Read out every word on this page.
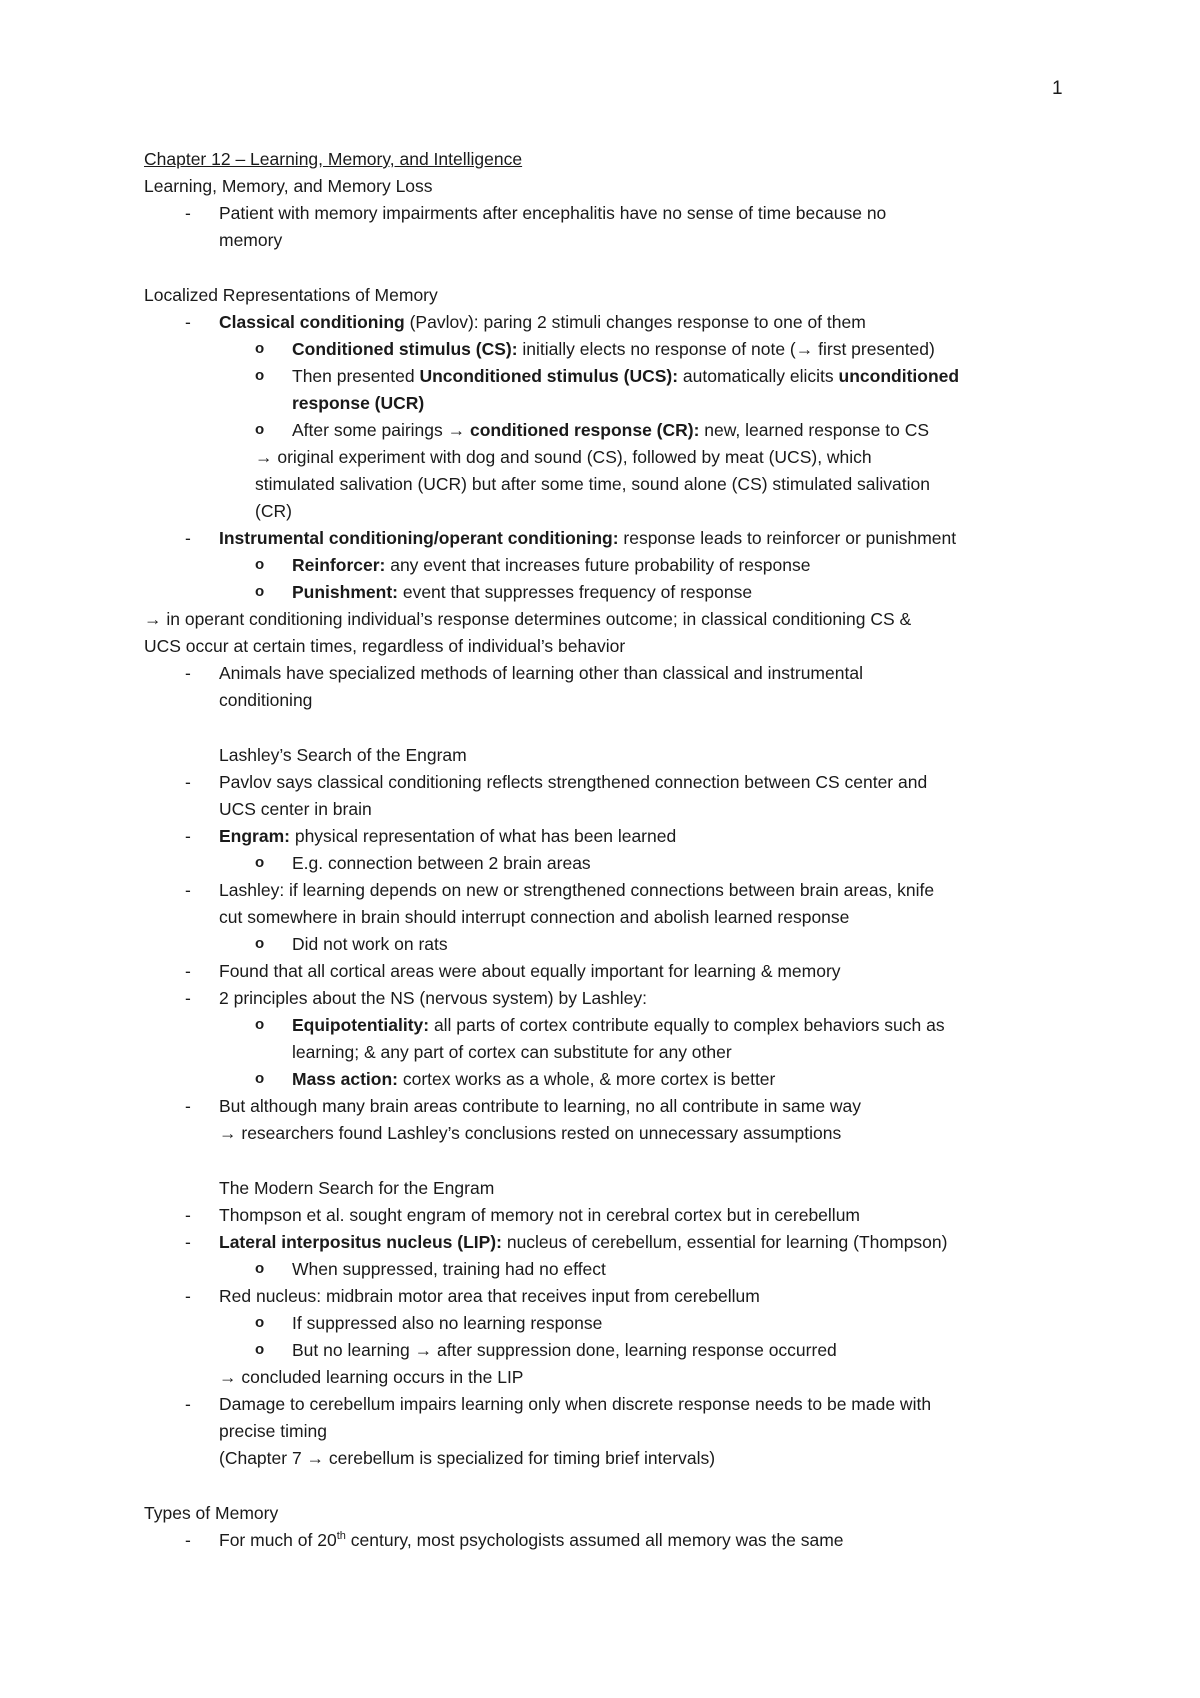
1
Chapter 12 – Learning, Memory, and Intelligence
Learning, Memory, and Memory Loss
- Patient with memory impairments after encephalitis have no sense of time because no
memory
Localized Representations of Memory
- Classical conditioning (Pavlov): paring 2 stimuli changes response to one of them
o Conditioned stimulus (CS): initially elects no response of note (→ first presented)
o Then presented Unconditioned stimulus (UCS): automatically elicits unconditioned
response (UCR)
o After some pairings → conditioned response (CR): new, learned response to CS
→ original experiment with dog and sound (CS), followed by meat (UCS), which
stimulated salivation (UCR) but after some time, sound alone (CS) stimulated salivation
(CR)
- Instrumental conditioning/operant conditioning: response leads to reinforcer or punishment
o Reinforcer: any event that increases future probability of response
o Punishment: event that suppresses frequency of response
→ in operant conditioning individual’s response determines outcome; in classical conditioning CS &
UCS occur at certain times, regardless of individual’s behavior
- Animals have specialized methods of learning other than classical and instrumental
conditioning
Lashley’s Search of the Engram
- Pavlov says classical conditioning reflects strengthened connection between CS center and
UCS center in brain
- Engram: physical representation of what has been learned
o E.g. connection between 2 brain areas
- Lashley: if learning depends on new or strengthened connections between brain areas, knife
cut somewhere in brain should interrupt connection and abolish learned response
o Did not work on rats
- Found that all cortical areas were about equally important for learning & memory
- 2 principles about the NS (nervous system) by Lashley:
o Equipotentiality: all parts of cortex contribute equally to complex behaviors such as
learning; & any part of cortex can substitute for any other
o Mass action: cortex works as a whole, & more cortex is better
- But although many brain areas contribute to learning, no all contribute in same way
→ researchers found Lashley’s conclusions rested on unnecessary assumptions
The Modern Search for the Engram
- Thompson et al. sought engram of memory not in cerebral cortex but in cerebellum
- Lateral interpositus nucleus (LIP): nucleus of cerebellum, essential for learning (Thompson)
o When suppressed, training had no effect
- Red nucleus: midbrain motor area that receives input from cerebellum
o If suppressed also no learning response
o But no learning → after suppression done, learning response occurred
→ concluded learning occurs in the LIP
- Damage to cerebellum impairs learning only when discrete response needs to be made with
precise timing
(Chapter 7 → cerebellum is specialized for timing brief intervals)
Types of Memory
- For much of 20th century, most psychologists assumed all memory was the same
